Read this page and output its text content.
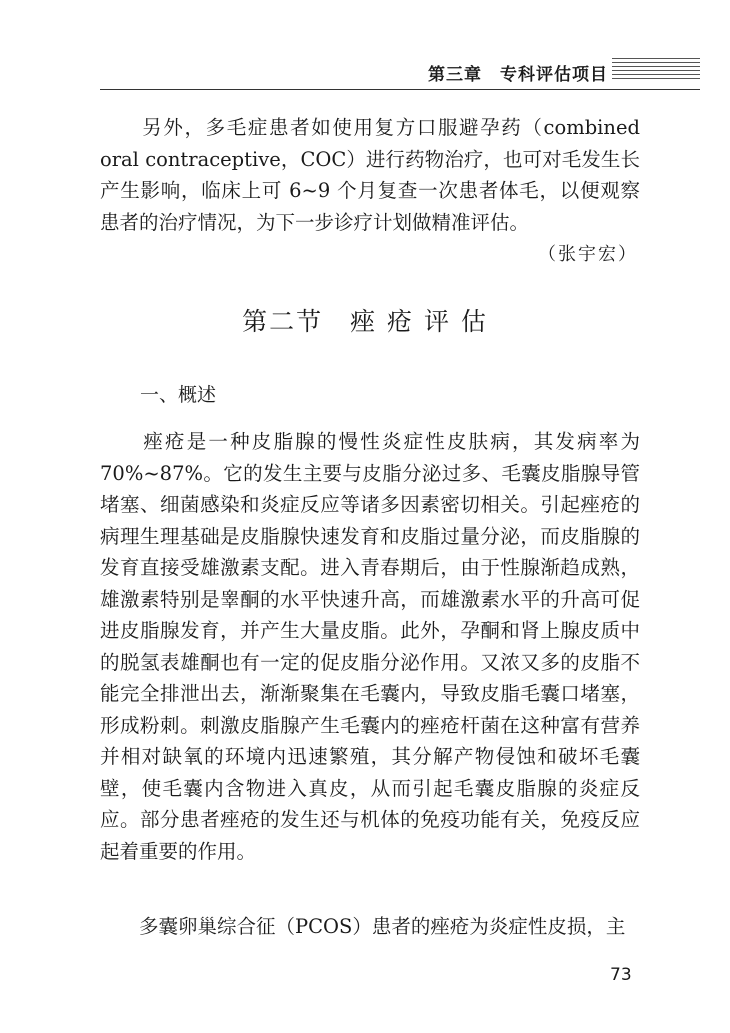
第三章　专科评估项目

　　另外，多毛症患者如使用复方口服避孕药（combined oral contraceptive，COC）进行药物治疗，也可对毛发生长产生影响，临床上可 6~9 个月复查一次患者体毛，以便观察患者的治疗情况，为下一步诊疗计划做精准评估。

（张宇宏）
第二节　痤 疮 评 估
一、概述

　　痤疮是一种皮脂腺的慢性炎症性皮肤病，其发病率为 70%~87%。它的发生主要与皮脂分泌过多、毛囊皮脂腺导管堵塞、细菌感染和炎症反应等诸多因素密切相关。引起痤疮的病理生理基础是皮脂腺快速发育和皮脂过量分泌，而皮脂腺的发育直接受雄激素支配。进入青春期后，由于性腺渐趋成熟，雄激素特别是睾酮的水平快速升高，而雄激素水平的升高可促进皮脂腺发育，并产生大量皮脂。此外，孕酮和肾上腺皮质中的脱氢表雄酮也有一定的促皮脂分泌作用。又浓又多的皮脂不能完全排泄出去，渐渐聚集在毛囊内，导致皮脂毛囊口堵塞，形成粉刺。刺激皮脂腺产生毛囊内的痤疮杆菌在这种富有营养并相对缺氧的环境内迅速繁殖，其分解产物侵蚀和破坏毛囊壁，使毛囊内含物进入真皮，从而引起毛囊皮脂腺的炎症反应。部分患者痤疮的发生还与机体的免疫功能有关，免疫反应起着重要的作用。

　　多囊卵巢综合征（PCOS）患者的痤疮为炎症性皮损，主

73
